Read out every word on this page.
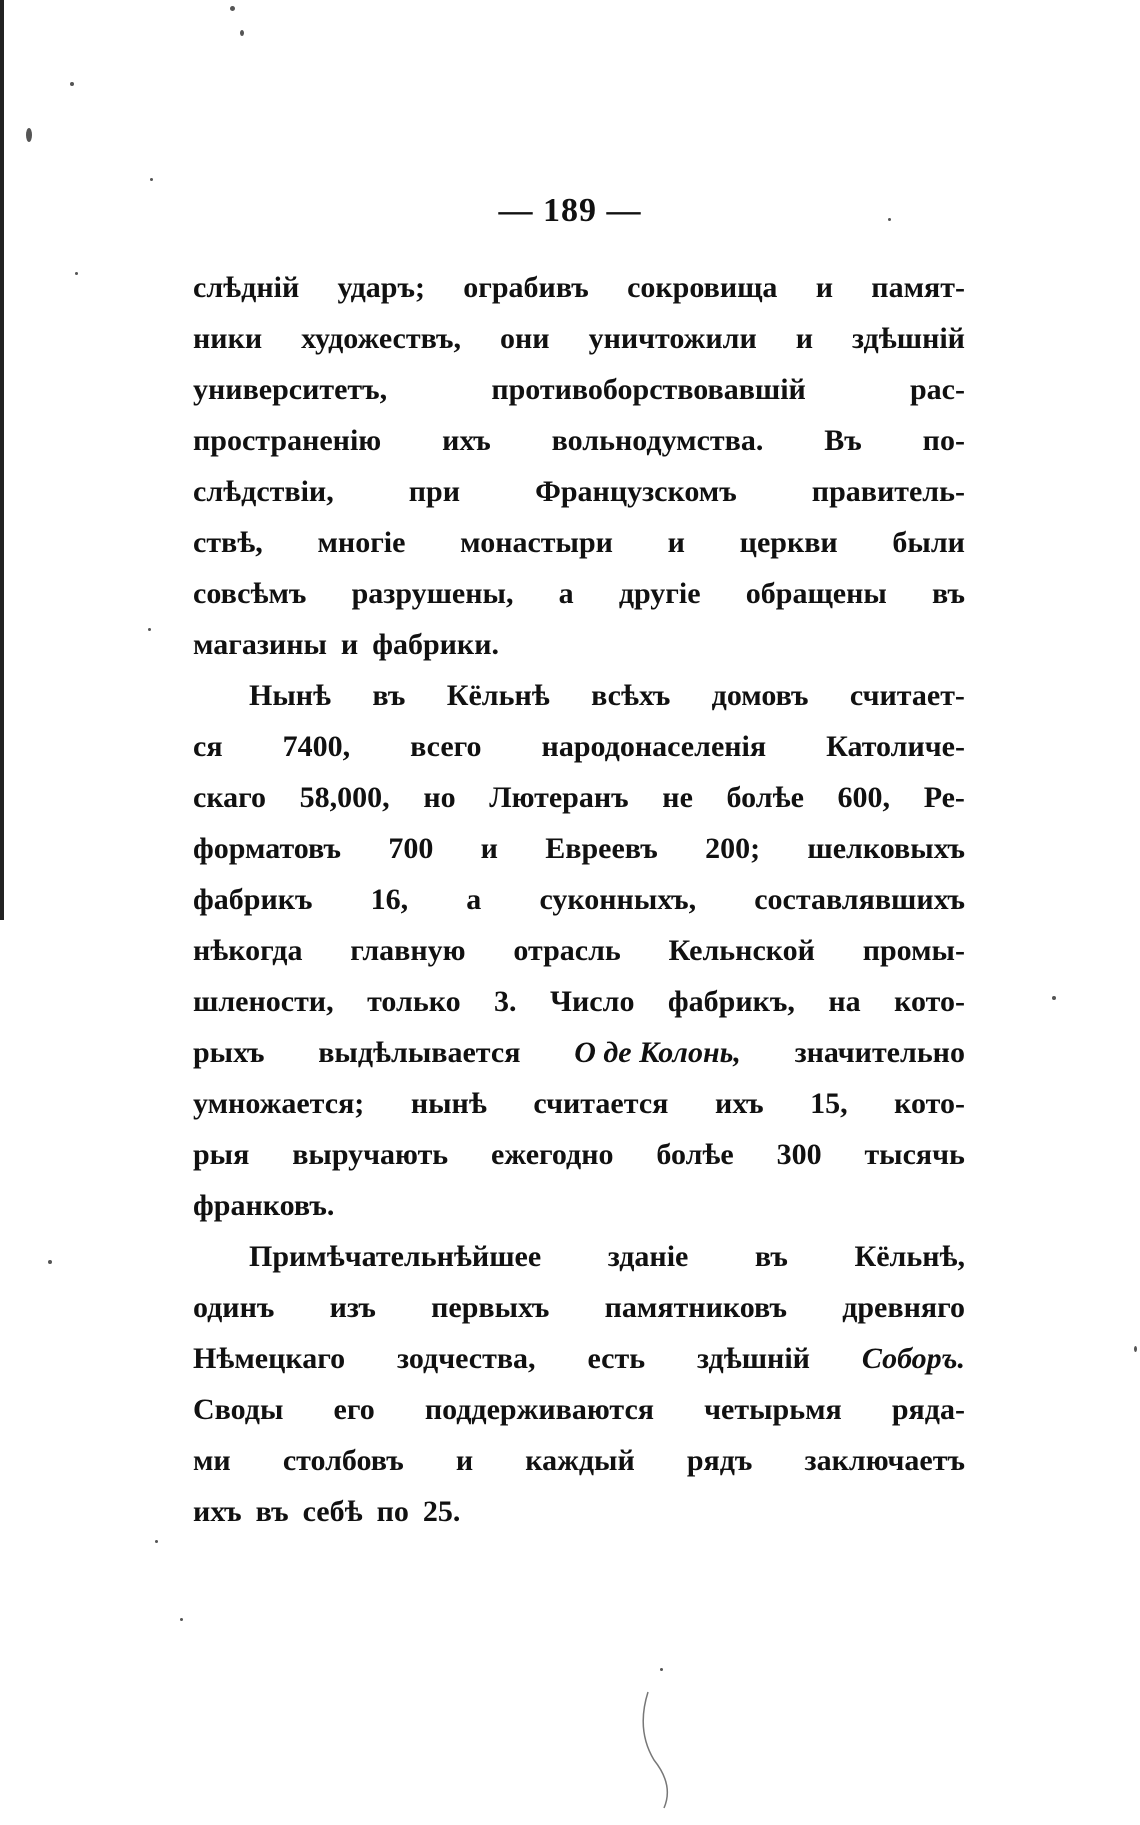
— 189 —
слѣдній ударъ; ограбивъ сокровища и памят-
ники художествъ, они уничтожили и здѣшній
университетъ,	противоборствовавшій	рас-
пространенію ихъ вольнодумства. Въ по-
слѣдствіи,	при	Французскомъ	правитель-
ствѣ, многіе монастыри и церкви были
совсѣмъ разрушены, а другіе обращены въ
магазины и фабрики.
Нынѣ въ Кёльнѣ всѣхъ домовъ считает-
ся 7400, всего народонаселенія Католиче-
скаго 58,000, но Лютеранъ не болѣе 600, Ре-
форматовъ 700 и Евреевъ 200; шелковыхъ
фабрикъ 16, а суконныхъ, составлявшихъ
нѣкогда главную отрасль Кельнской промы-
шлености, только 3. Число фабрикъ, на кото-
рыхъ выдѣлывается О де Колонь, значительно
умножается; нынѣ считается ихъ 15, кото-
рыя выручають ежегодно болѣе 300 тысячь
франковъ.
Примѣчательнѣйшее зданіе въ Кёльнѣ,
одинъ изъ первыхъ памятниковъ древняго
Нѣмецкаго зодчества, есть здѣшній Соборъ.
Своды его поддерживаются четырьмя ряда-
ми столбовъ и каждый рядъ заключаетъ
ихъ въ себѣ по 25.
